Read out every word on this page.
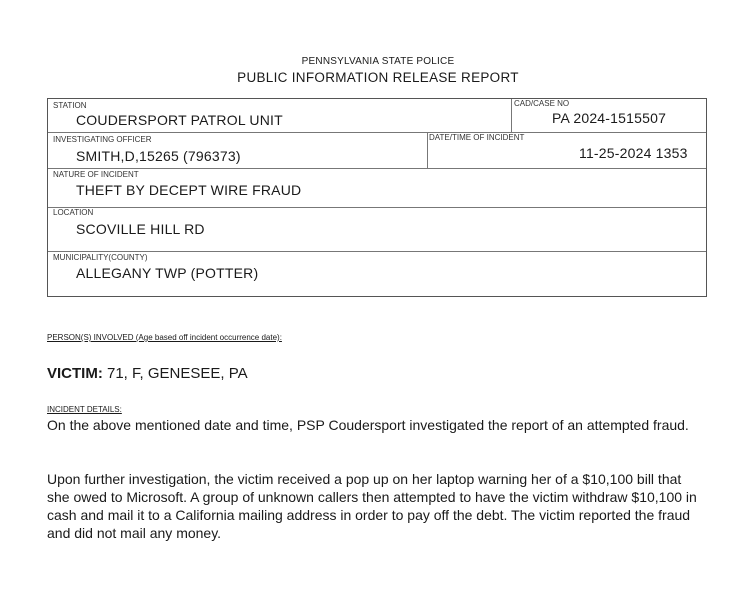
PENNSYLVANIA STATE POLICE
PUBLIC INFORMATION RELEASE REPORT
STATION
COUDERSPORT PATROL UNIT
CAD/CASE NO
PA 2024-1515507
INVESTIGATING OFFICER
SMITH,D,15265 (796373)
DATE/TIME OF INCIDENT
11-25-2024 1353
NATURE OF INCIDENT
THEFT BY DECEPT WIRE FRAUD
LOCATION
SCOVILLE HILL RD
MUNICIPALITY(COUNTY)
ALLEGANY TWP (POTTER)
PERSON(S) INVOLVED (Age based off incident occurrence date):
VICTIM: 71, F, GENESEE, PA
INCIDENT DETAILS:

On the above mentioned date and time, PSP Coudersport investigated the report of an attempted fraud.

Upon further investigation, the victim received a pop up on her laptop warning her of a $10,100 bill that she owed to Microsoft. A group of unknown callers then attempted to have the victim withdraw $10,100 in cash and mail it to a California mailing address in order to pay off the debt. The victim reported the fraud and did not mail any money.
